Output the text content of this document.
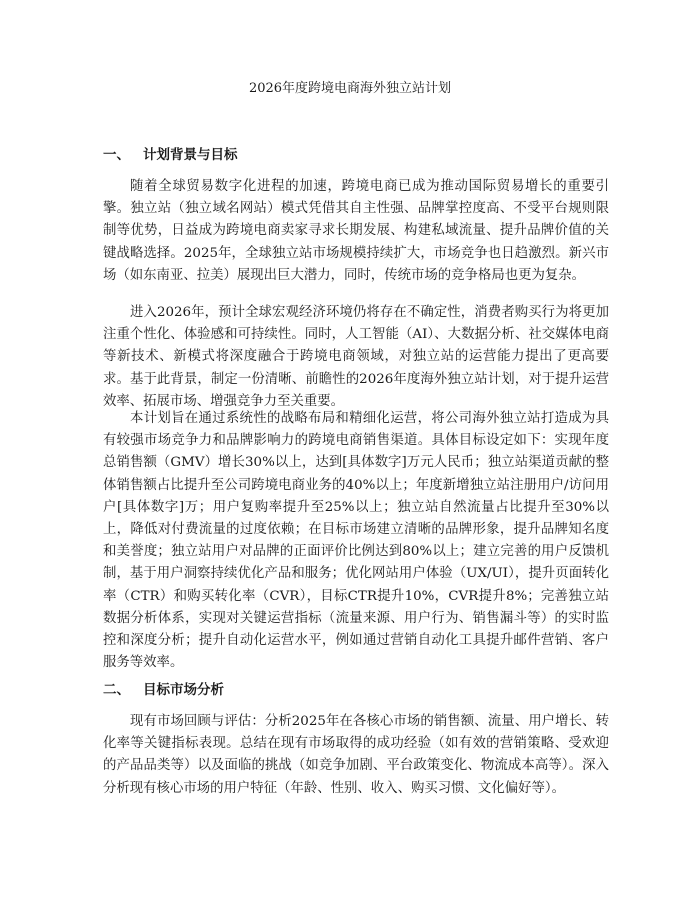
2026年度跨境电商海外独立站计划
一、 计划背景与目标

随着全球贸易数字化进程的加速，跨境电商已成为推动国际贸易增长的重要引擎。独立站（独立域名网站）模式凭借其自主性强、品牌掌控度高、不受平台规则限制等优势，日益成为跨境电商卖家寻求长期发展、构建私域流量、提升品牌价值的关键战略选择。2025年，全球独立站市场规模持续扩大，市场竞争也日趋激烈。新兴市场（如东南亚、拉美）展现出巨大潜力，同时，传统市场的竞争格局也更为复杂。

进入2026年，预计全球宏观经济环境仍将存在不确定性，消费者购买行为将更加注重个性化、体验感和可持续性。同时，人工智能（AI）、大数据分析、社交媒体电商等新技术、新模式将深度融合于跨境电商领域，对独立站的运营能力提出了更高要求。基于此背景，制定一份清晰、前瞻性的2026年度海外独立站计划，对于提升运营效率、拓展市场、增强竞争力至关重要。

本计划旨在通过系统性的战略布局和精细化运营，将公司海外独立站打造成为具有较强市场竞争力和品牌影响力的跨境电商销售渠道。具体目标设定如下：实现年度总销售额（GMV）增长30%以上，达到[具体数字]万元人民币；独立站渠道贡献的整体销售额占比提升至公司跨境电商业务的40%以上；年度新增独立站注册用户/访问用户[具体数字]万；用户复购率提升至25%以上；独立站自然流量占比提升至30%以上，降低对付费流量的过度依赖；在目标市场建立清晰的品牌形象，提升品牌知名度和美誉度；独立站用户对品牌的正面评价比例达到80%以上；建立完善的用户反馈机制，基于用户洞察持续优化产品和服务；优化网站用户体验（UX/UI），提升页面转化率（CTR）和购买转化率（CVR），目标CTR提升10%，CVR提升8%；完善独立站数据分析体系，实现对关键运营指标（流量来源、用户行为、销售漏斗等）的实时监控和深度分析；提升自动化运营水平，例如通过营销自动化工具提升邮件营销、客户服务等效率。

二、 目标市场分析

现有市场回顾与评估：分析2025年在各核心市场的销售额、流量、用户增长、转化率等关键指标表现。总结在现有市场取得的成功经验（如有效的营销策略、受欢迎的产品品类等）以及面临的挑战（如竞争加剧、平台政策变化、物流成本高等）。深入分析现有核心市场的用户特征（年龄、性别、收入、购买习惯、文化偏好等）。
